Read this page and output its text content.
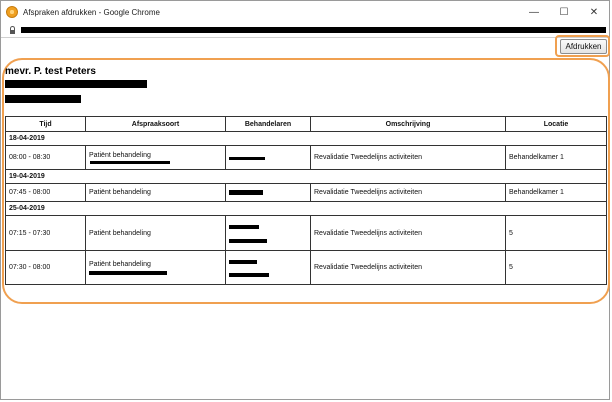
Afspraken afdrukken - Google Chrome	—	☐	✕
Afdrukken
mevr. P. test Peters
Tijd	Afspraaksoort	Behandelaren	Omschrijving	Locatie
18-04-2019				
08:00 - 08:30	Patiënt behandeling		Revalidatie Tweedelijns activiteiten	Behandelkamer 1
19-04-2019				
07:45 - 08:00	Patiënt behandeling		Revalidatie Tweedelijns activiteiten	Behandelkamer 1
25-04-2019				
07:15 - 07:30	Patiënt behandeling		Revalidatie Tweedelijns activiteiten	5
07:30 - 08:00	Patiënt behandeling		Revalidatie Tweedelijns activiteiten	5
